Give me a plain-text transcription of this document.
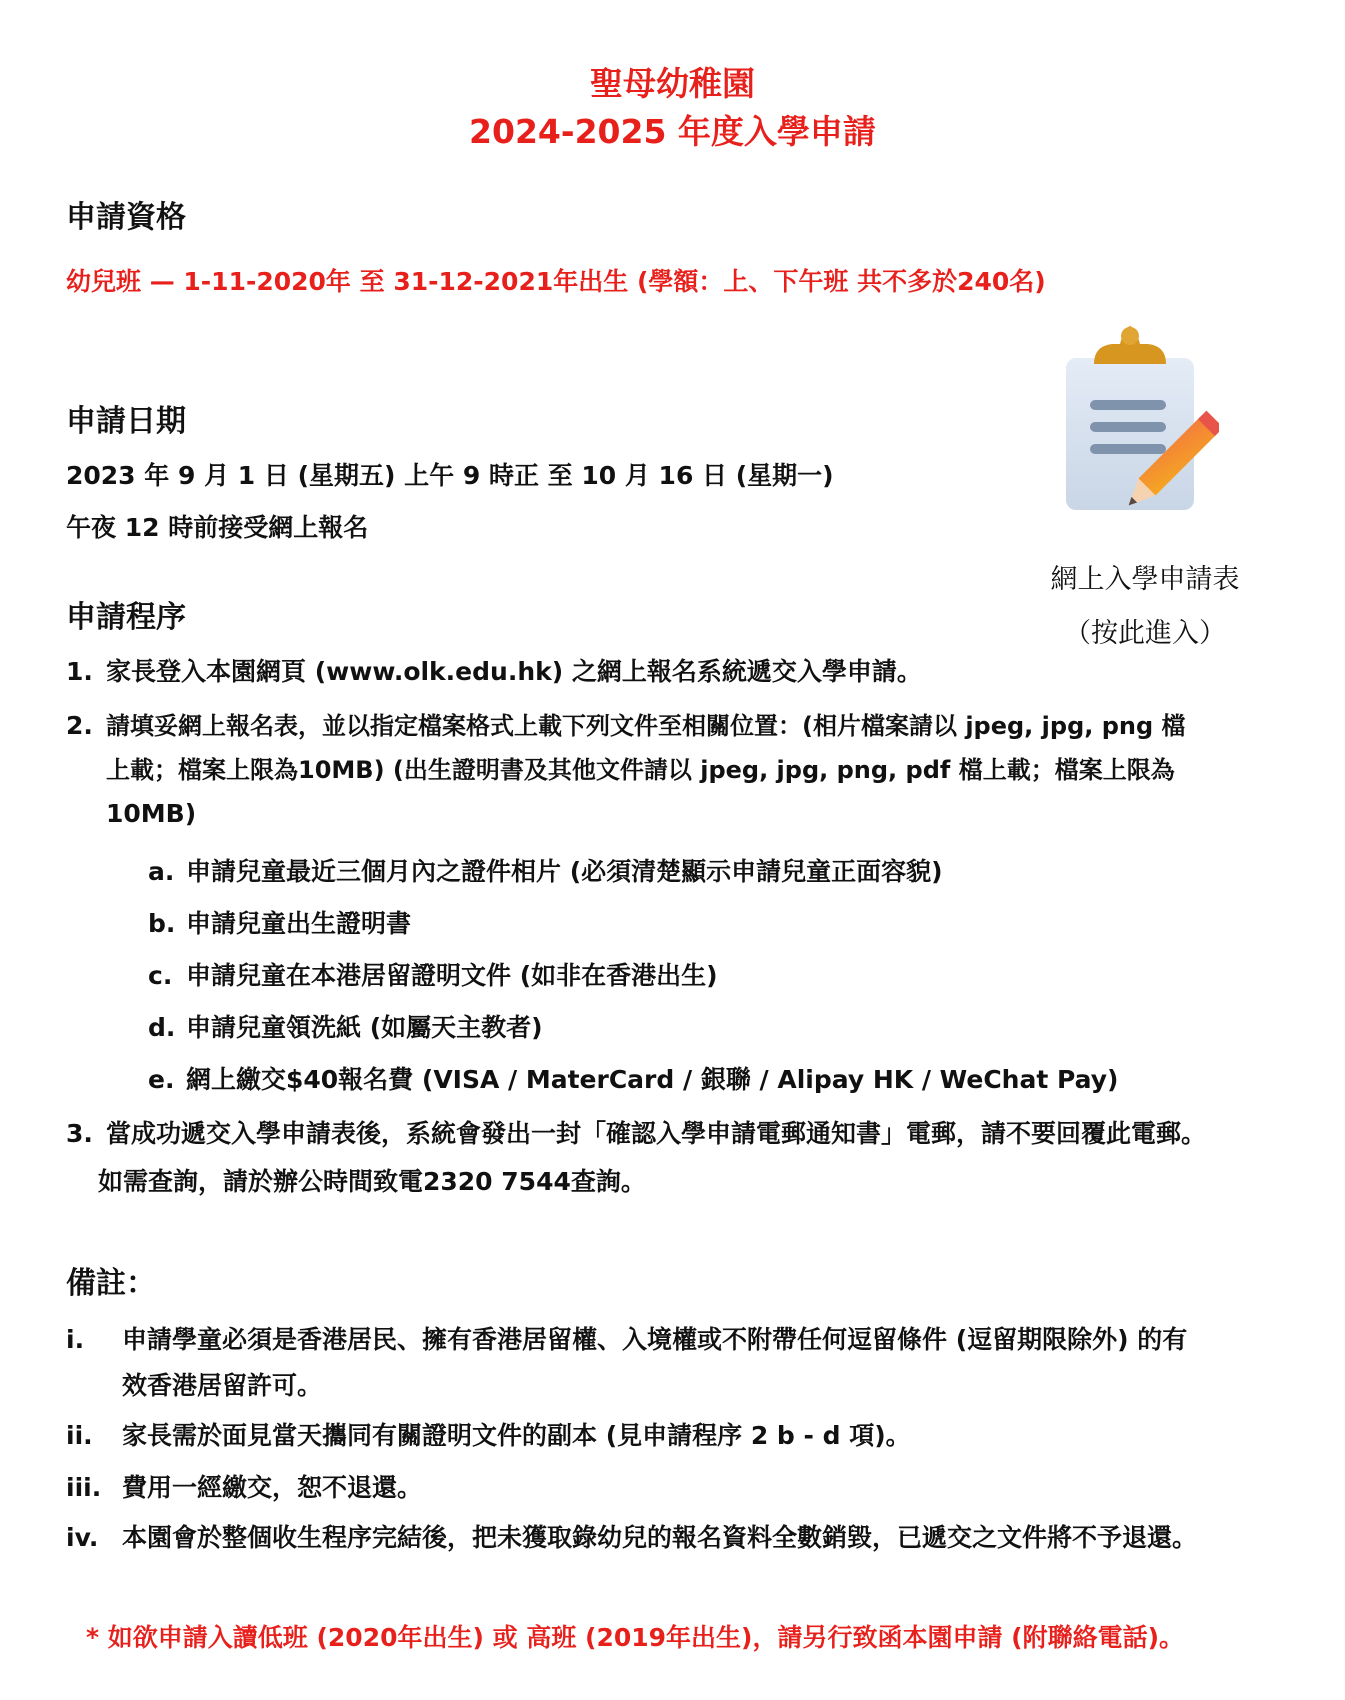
聖母幼稚園
2024-2025 年度入學申請
申請資格
幼兒班 — 1-11-2020年 至 31-12-2021年出生 (學額：上、下午班 共不多於240名)
申請日期
2023 年 9 月 1 日 (星期五) 上午 9 時正 至 10 月 16 日 (星期一)
午夜 12 時前接受網上報名
網上入學申請表
（按此進入）
申請程序
1. 家長登入本園網頁 (www.olk.edu.hk) 之網上報名系統遞交入學申請。
2. 請填妥網上報名表，並以指定檔案格式上載下列文件至相關位置：(相片檔案請以 jpeg, jpg, png 檔
上載；檔案上限為10MB) (出生證明書及其他文件請以 jpeg, jpg, png, pdf 檔上載；檔案上限為
10MB)
a. 申請兒童最近三個月內之證件相片 (必須清楚顯示申請兒童正面容貌)
b. 申請兒童出生證明書
c. 申請兒童在本港居留證明文件 (如非在香港出生)
d. 申請兒童領洗紙 (如屬天主教者)
e. 網上繳交$40報名費 (VISA / MaterCard / 銀聯 / Alipay HK / WeChat Pay)
3. 當成功遞交入學申請表後，系統會發出一封「確認入學申請電郵通知書」電郵，請不要回覆此電郵。
如需查詢，請於辦公時間致電2320 7544查詢。
備註：
i. 申請學童必須是香港居民、擁有香港居留權、入境權或不附帶任何逗留條件 (逗留期限除外) 的有
效香港居留許可。
ii. 家長需於面見當天攜同有關證明文件的副本 (見申請程序 2 b - d 項)。
iii. 費用一經繳交，恕不退還。
iv. 本園會於整個收生程序完結後，把未獲取錄幼兒的報名資料全數銷毀，已遞交之文件將不予退還。
* 如欲申請入讀低班 (2020年出生) 或 高班 (2019年出生)，請另行致函本園申請 (附聯絡電話)。
